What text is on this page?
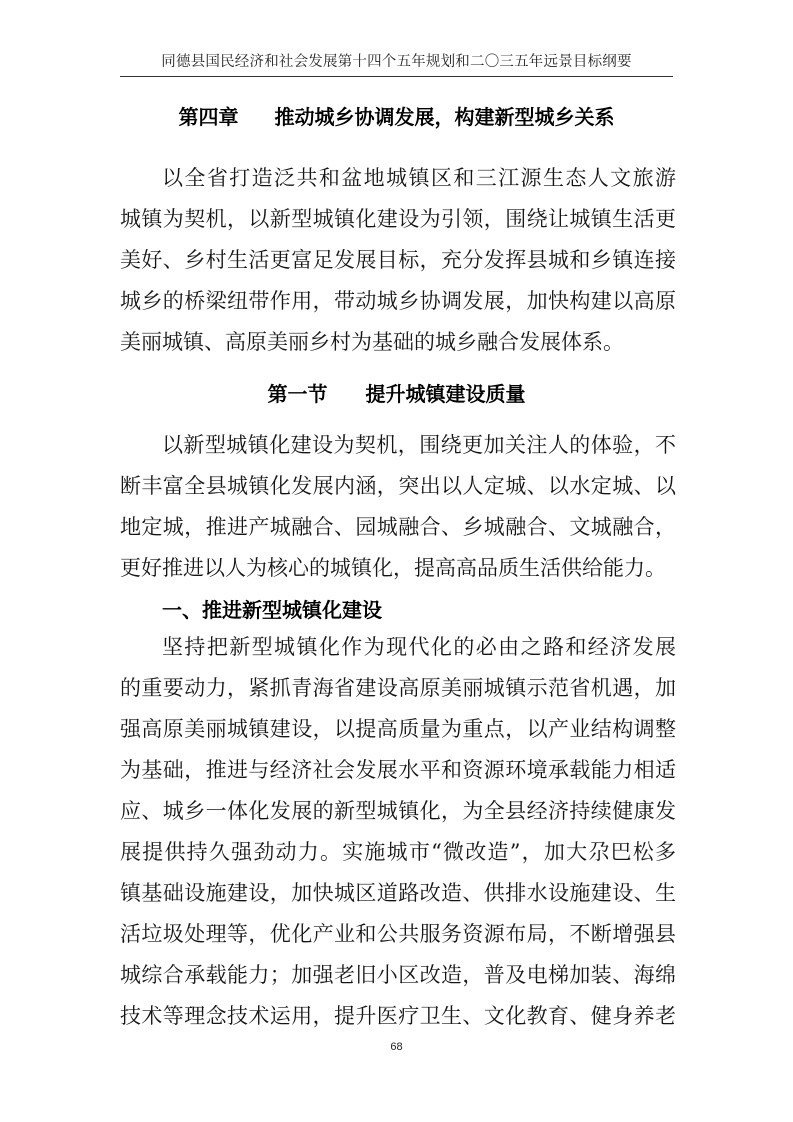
同德县国民经济和社会发展第十四个五年规划和二〇三五年远景目标纲要
第四章 推动城乡协调发展，构建新型城乡关系
以全省打造泛共和盆地城镇区和三江源生态人文旅游
城镇为契机，以新型城镇化建设为引领，围绕让城镇生活更
美好、乡村生活更富足发展目标，充分发挥县城和乡镇连接
城乡的桥梁纽带作用，带动城乡协调发展，加快构建以高原
美丽城镇、高原美丽乡村为基础的城乡融合发展体系。
第一节 提升城镇建设质量
以新型城镇化建设为契机，围绕更加关注人的体验，不
断丰富全县城镇化发展内涵，突出以人定城、以水定城、以
地定城，推进产城融合、园城融合、乡城融合、文城融合，
更好推进以人为核心的城镇化，提高高品质生活供给能力。
一、推进新型城镇化建设
坚持把新型城镇化作为现代化的必由之路和经济发展
的重要动力，紧抓青海省建设高原美丽城镇示范省机遇，加
强高原美丽城镇建设，以提高质量为重点，以产业结构调整
为基础，推进与经济社会发展水平和资源环境承载能力相适
应、城乡一体化发展的新型城镇化，为全县经济持续健康发
展提供持久强劲动力。实施城市“微改造”，加大尕巴松多
镇基础设施建设，加快城区道路改造、供排水设施建设、生
活垃圾处理等，优化产业和公共服务资源布局，不断增强县
城综合承载能力；加强老旧小区改造，普及电梯加装、海绵
技术等理念技术运用，提升医疗卫生、文化教育、健身养老
68
